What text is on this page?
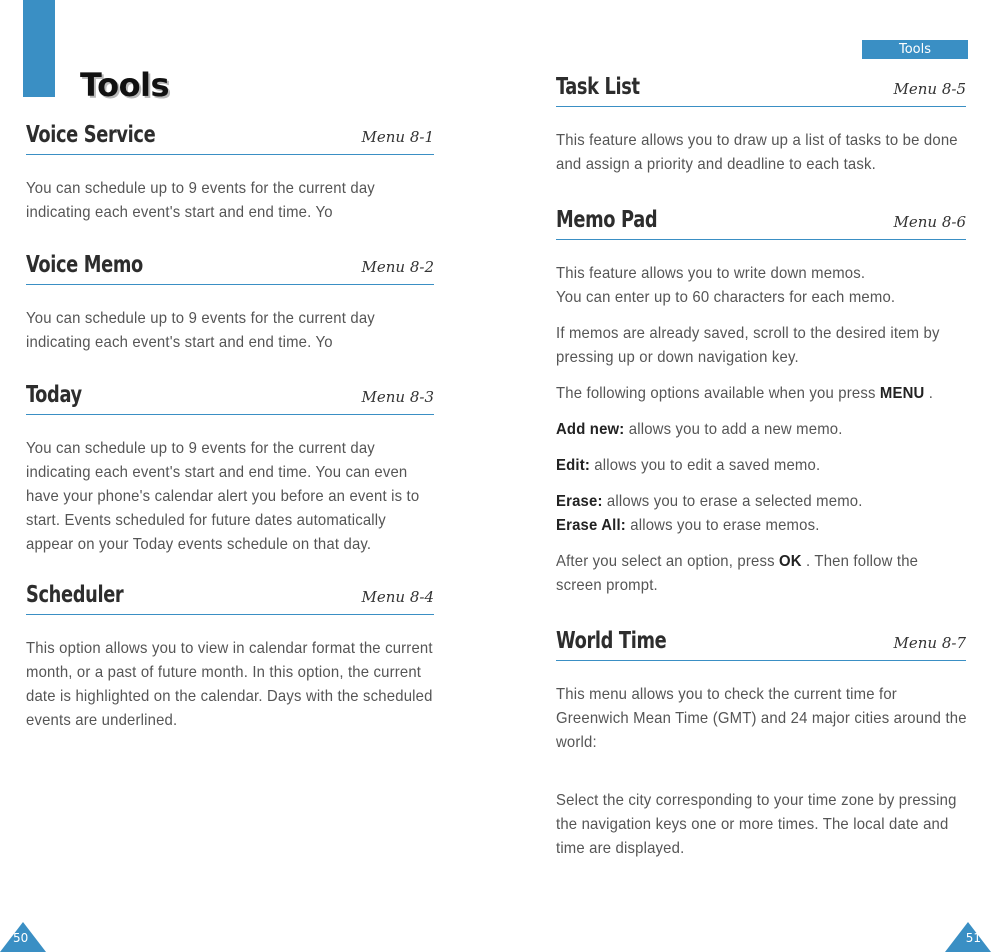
Tools
Voice Service	Menu 8-1

You can schedule up to 9 events for the current day indicating each event's start and end time. Yo

Voice Memo	Menu 8-2

You can schedule up to 9 events for the current day indicating each event's start and end time. Yo

Today	Menu 8-3

You can schedule up to 9 events for the current day indicating each event's start and end time. You can even have your phone's calendar alert you before an event is to start. Events scheduled for future dates automatically appear on your Today events schedule on that day.

Scheduler	Menu 8-4

This option allows you to view in calendar format the current month, or a past of future month. In this option, the current date is highlighted on the calendar. Days with the scheduled events are underlined.

50
Tools
Task List	Menu 8-5

This feature allows you to draw up a list of tasks to be done and assign a priority and deadline to each task.

Memo Pad	Menu 8-6

This feature allows you to write down memos.
You can enter up to 60 characters for each memo.

If memos are already saved, scroll to the desired item by pressing up or down navigation key.

The following options available when you press MENU .

Add new: allows you to add a new memo.

Edit: allows you to edit a saved memo.

Erase: allows you to erase a selected memo.

Erase All: allows you to erase memos.

After you select an option, press OK . Then follow the screen prompt.

World Time	Menu 8-7

This menu allows you to check the current time for Greenwich Mean Time (GMT) and 24 major cities around the world:

Select the city corresponding to your time zone by pressing the navigation keys one or more times. The local date and time are displayed.

51
